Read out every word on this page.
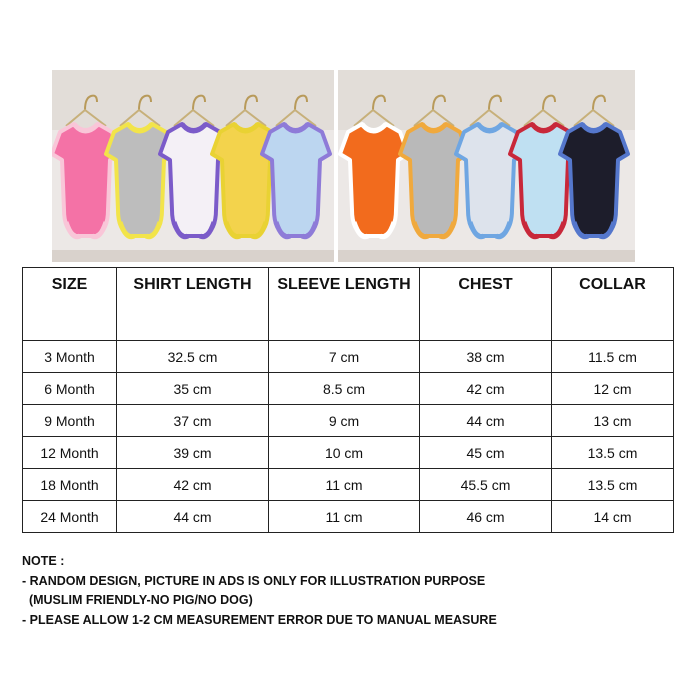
SIZE	SHIRT LENGTH	SLEEVE LENGTH	CHEST	COLLAR
3 Month	32.5 cm	7 cm	38 cm	11.5 cm
6 Month	35 cm	8.5 cm	42 cm	12 cm
9 Month	37 cm	9 cm	44 cm	13 cm
12 Month	39 cm	10 cm	45 cm	13.5 cm
18 Month	42 cm	11 cm	45.5 cm	13.5 cm
24 Month	44 cm	11 cm	46 cm	14 cm
NOTE :
- RANDOM DESIGN, PICTURE IN ADS IS ONLY FOR ILLUSTRATION PURPOSE
(MUSLIM FRIENDLY-NO PIG/NO DOG)
- PLEASE ALLOW 1-2 CM MEASUREMENT ERROR DUE TO MANUAL MEASURE
